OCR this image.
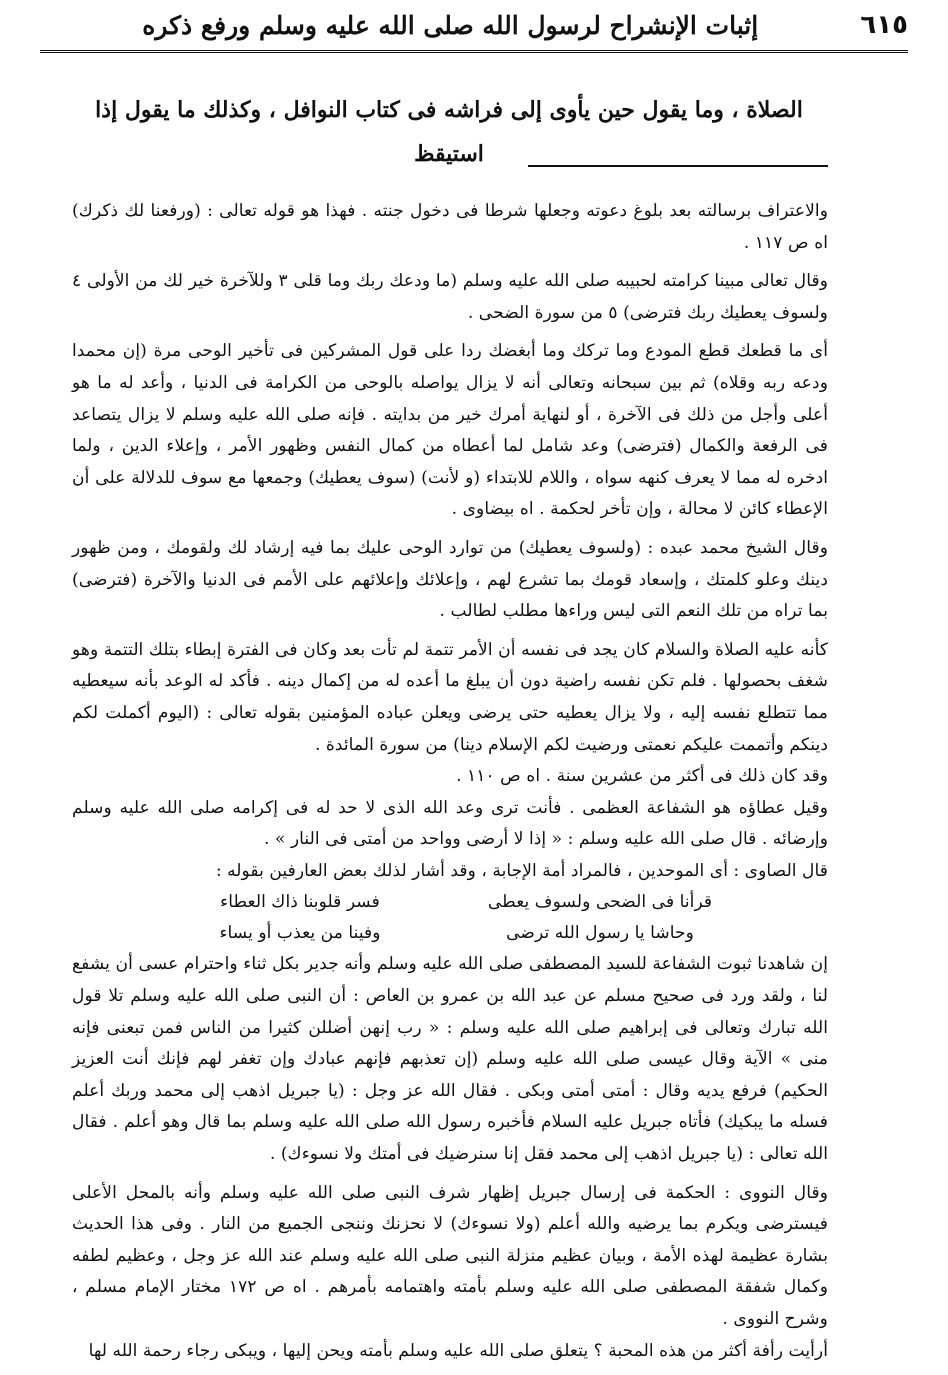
٦١٥
إثبات الإنشراح لرسول الله صلى الله عليه وسلم ورفع ذكره
الصلاة ، وما يقول حين يأوى إلى فراشه فى كتاب النوافل ، وكذلك ما يقول إذا استيقظ

والاعتراف برسالته بعد بلوغ دعوته وجعلها شرطا فى دخول جنته . فهذا هو قوله تعالى : (ورفعنا لك ذكرك) اه ص ١١٧ .

وقال تعالى مبينا كرامته لحبيبه صلى الله عليه وسلم (ما ودعك ربك وما قلى ٣ وللآخرة خير لك من الأولى ٤ ولسوف يعطيك ربك فترضى) ٥ من سورة الضحى .

أى ما قطعك قطع المودع وما تركك وما أبغضك ردا على قول المشركين فى تأخير الوحى مرة (إن محمدا ودعه ربه وقلاه) ثم بين سبحانه وتعالى أنه لا يزال يواصله بالوحى من الكرامة فى الدنيا ، وأعد له ما هو أعلى وأجل من ذلك فى الآخرة ، أو لنهاية أمرك خير من بدايته . فإنه صلى الله عليه وسلم لا يزال يتصاعد فى الرفعة والكمال (فترضى) وعد شامل لما أعطاه من كمال النفس وظهور الأمر ، وإعلاء الدين ، ولما ادخره له مما لا يعرف كنهه سواه ، واللام للابتداء (و لأنت) (سوف يعطيك) وجمعها مع سوف للدلالة على أن الإعطاء كائن لا محالة ، وإن تأخر لحكمة . اه بيضاوى .

وقال الشيخ محمد عبده : (ولسوف يعطيك) من توارد الوحى عليك بما فيه إرشاد لك ولقومك ، ومن ظهور دينك وعلو كلمتك ، وإسعاد قومك بما تشرع لهم ، وإعلائك وإعلائهم على الأمم فى الدنيا والآخرة (فترضى) بما تراه من تلك النعم التى ليس وراءها مطلب لطالب .

كأنه عليه الصلاة والسلام كان يجد فى نفسه أن الأمر تتمة لم تأت بعد وكان فى الفترة إبطاء بتلك التتمة وهو شغف بحصولها . فلم تكن نفسه راضية دون أن يبلغ ما أعده له من إكمال دينه . فأكد له الوعد بأنه سيعطيه مما تتطلع نفسه إليه ، ولا يزال يعطيه حتى يرضى ويعلن عباده المؤمنين بقوله تعالى : (اليوم أكملت لكم دينكم وأتممت عليكم نعمتى ورضيت لكم الإسلام دينا) من سورة المائدة .

وقد كان ذلك فى أكثر من عشرين سنة . اه ص ١١٠ .

وقيل عطاؤه هو الشفاعة العظمى . فأنت ترى وعد الله الذى لا حد له فى إكرامه صلى الله عليه وسلم وإرضائه . قال صلى الله عليه وسلم : « إذا لا أرضى وواحد من أمتى فى النار » .

قال الصاوى : أى الموحدين ، فالمراد أمة الإجابة ، وقد أشار لذلك بعض العارفين بقوله :

قرأنا فى الضحى ولسوف يعطى
فسر قلوبنا ذاك العطاء
وحاشا يا رسول الله ترضى
وفينا من يعذب أو يساء

إن شاهدنا ثبوت الشفاعة للسيد المصطفى صلى الله عليه وسلم وأنه جدير بكل ثناء واحترام عسى أن يشفع لنا ، ولقد ورد فى صحيح مسلم عن عبد الله بن عمرو بن العاص : أن النبى صلى الله عليه وسلم تلا قول الله تبارك وتعالى فى إبراهيم صلى الله عليه وسلم : « رب إنهن أضللن كثيرا من الناس فمن تبعنى فإنه منى » الآية وقال عيسى صلى الله عليه وسلم (إن تعذبهم فإنهم عبادك وإن تغفر لهم فإنك أنت العزيز الحكيم) فرفع يديه وقال : أمتى أمتى وبكى . فقال الله عز وجل : (يا جبريل اذهب إلى محمد وربك أعلم فسله ما يبكيك) فأتاه جبريل عليه السلام فأخبره رسول الله صلى الله عليه وسلم بما قال وهو أعلم . فقال الله تعالى : (يا جبريل اذهب إلى محمد فقل إنا سنرضيك فى أمتك ولا نسوءك) .

وقال النووى : الحكمة فى إرسال جبريل إظهار شرف النبى صلى الله عليه وسلم وأنه بالمحل الأعلى فيسترضى ويكرم بما يرضيه والله أعلم (ولا نسوءك) لا نحزنك وننجى الجميع من النار . وفى هذا الحديث بشارة عظيمة لهذه الأمة ، وبيان عظيم منزلة النبى صلى الله عليه وسلم عند الله عز وجل ، وعظيم لطفه وكمال شفقة المصطفى صلى الله عليه وسلم بأمته واهتمامه بأمرهم . اه ص ١٧٢ مختار الإمام مسلم ، وشرح النووى .

أرأيت رأفة أكثر من هذه المحبة ؟ يتعلق صلى الله عليه وسلم بأمته ويحن إليها ، ويبكى رجاء رحمة الله لها
